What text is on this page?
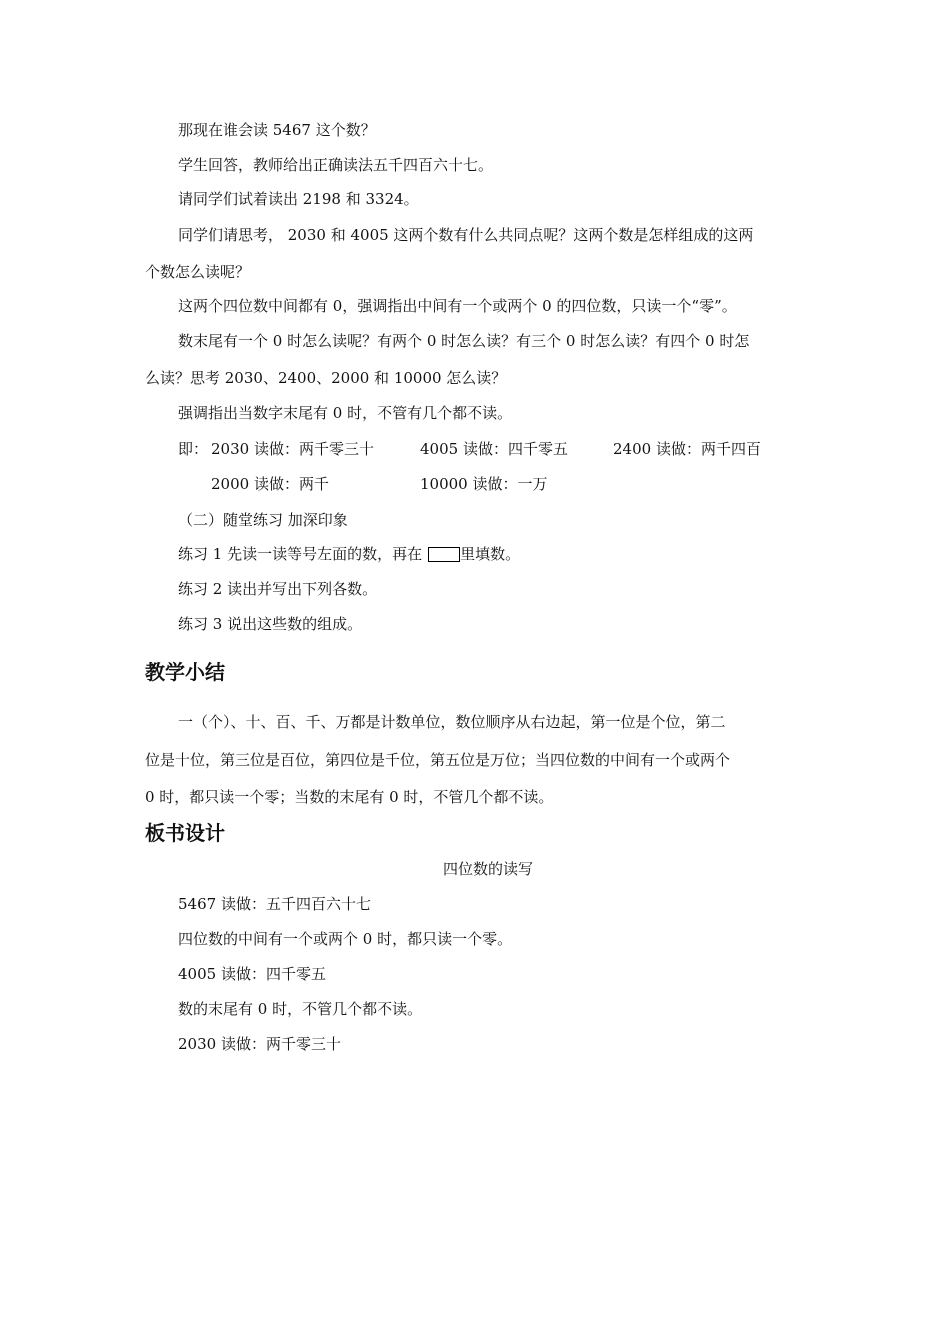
那现在谁会读 5467 这个数？
学生回答，教师给出正确读法五千四百六十七。
请同学们试着读出 2198 和 3324。
同学们请思考， 2030 和 4005 这两个数有什么共同点呢？这两个数是怎样组成的这两
个数怎么读呢？
这两个四位数中间都有 0，强调指出中间有一个或两个 0 的四位数，只读一个“零”。
数末尾有一个 0 时怎么读呢？有两个 0 时怎么读？有三个 0 时怎么读？有四个 0 时怎
么读？思考 2030、2400、2000 和 10000 怎么读？
强调指出当数字末尾有 0 时，不管有几个都不读。
即： 2030 读做：两千零三十	4005 读做：四千零五	2400 读做：两千四百
2000 读做：两千	10000 读做：一万
（二）随堂练习 加深印象
练习 1 先读一读等号左面的数，再在	里填数。
练习 2 读出并写出下列各数。
练习 3 说出这些数的组成。
教学小结
一（个）、十、百、千、万都是计数单位，数位顺序从右边起，第一位是个位，第二
位是十位，第三位是百位，第四位是千位，第五位是万位；当四位数的中间有一个或两个
0 时，都只读一个零；当数的末尾有 0 时，不管几个都不读。
板书设计
四位数的读写
5467 读做：五千四百六十七
四位数的中间有一个或两个 0 时，都只读一个零。
4005 读做：四千零五
数的末尾有 0 时，不管几个都不读。
2030 读做：两千零三十
